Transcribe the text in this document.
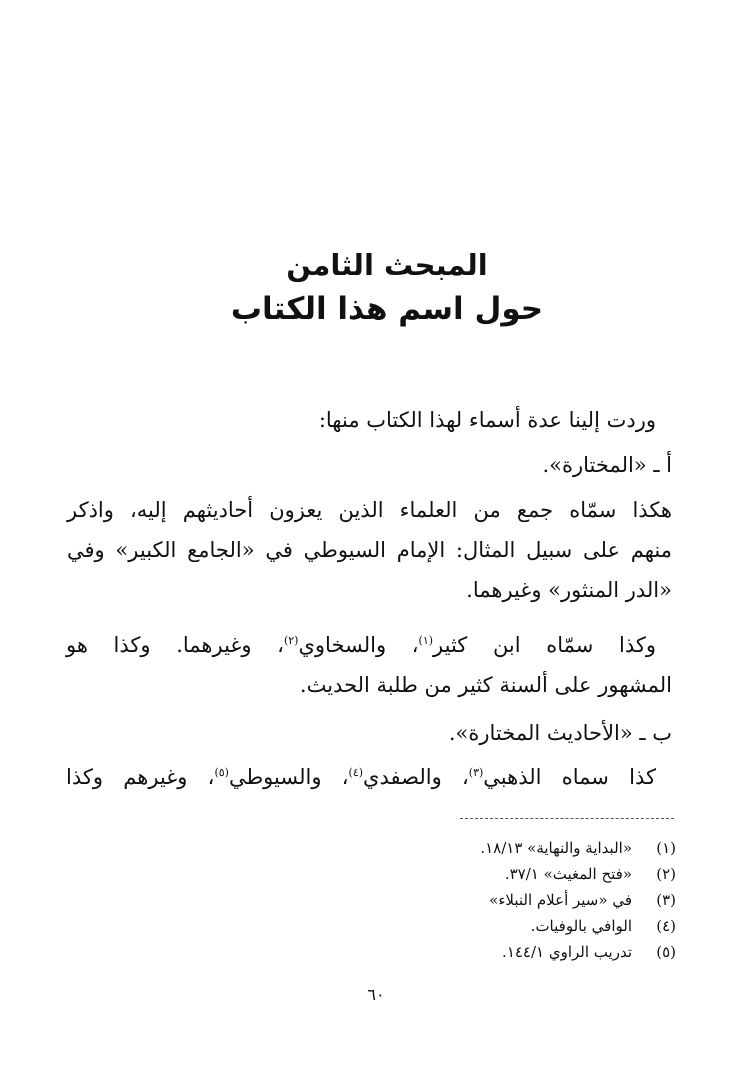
المبحث الثامن
حول اسم هذا الكتاب
وردت إلينا عدة أسماء لهذا الكتاب منها:
أ ـ «المختارة».
هكذا سمّاه جمع من العلماء الذين يعزون أحاديثهم إليه، واذكر
منهم على سبيل المثال: الإمام السيوطي في «الجامع الكبير» وفي
«الدر المنثور» وغيرهما.
وكذا سمّاه ابن كثير$^{(١)}$، والسخاوي$^{(٢)}$، وغيرهما. وكذا هو
المشهور على ألسنة كثير من طلبة الحديث.
ب ـ «الأحاديث المختارة».
كذا سماه الذهبي$^{(٣)}$، والصفدي$^{(٤)}$، والسيوطي$^{(٥)}$، وغيرهم وكذا
(١)«البداية والنهاية» ١٨/١٣.
(٢)«فتح المغيث» ٣٧/١.
(٣)في «سير أعلام النبلاء»
(٤)الوافي بالوفيات.
(٥)تدريب الراوي ١٤٤/١.
٦٠
